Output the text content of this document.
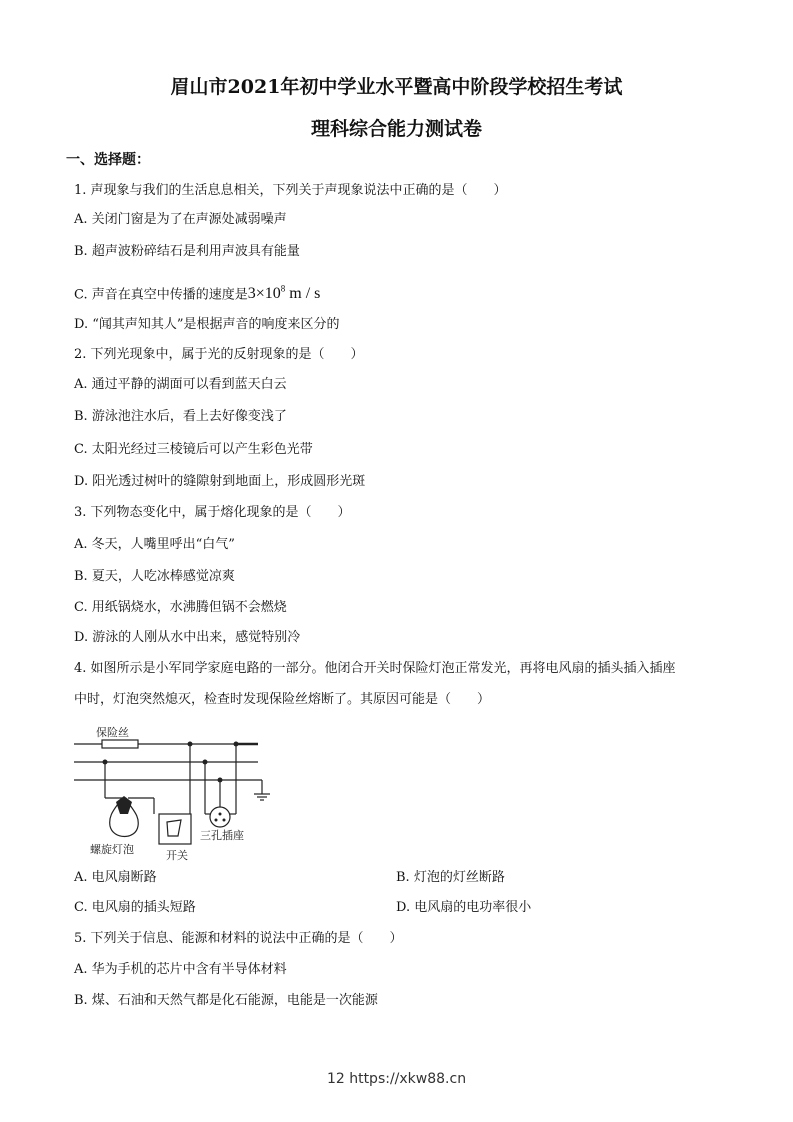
眉山市2021年初中学业水平暨高中阶段学校招生考试
理科综合能力测试卷
一、选择题：
1. 声现象与我们的生活息息相关，下列关于声现象说法中正确的是（　　）
A. 关闭门窗是为了在声源处减弱噪声
B. 超声波粉碎结石是利用声波具有能量
C. 声音在真空中传播的速度是$3\times 10^8$ m / s
D. “闻其声知其人”是根据声音的响度来区分的
2. 下列光现象中，属于光的反射现象的是（　　）
A. 通过平静的湖面可以看到蓝天白云
B. 游泳池注水后，看上去好像变浅了
C. 太阳光经过三棱镜后可以产生彩色光带
D. 阳光透过树叶的缝隙射到地面上，形成圆形光斑
3. 下列物态变化中，属于熔化现象的是（　　）
A. 冬天，人嘴里呼出“白气”
B. 夏天，人吃冰棒感觉凉爽
C. 用纸锅烧水，水沸腾但锅不会燃烧
D. 游泳的人刚从水中出来，感觉特别冷
4. 如图所示是小军同学家庭电路的一部分。他闭合开关时保险灯泡正常发光，再将电风扇的插头插入插座
中时，灯泡突然熄灭，检查时发现保险丝熔断了。其原因可能是（　　）
保险丝
螺旋灯泡	开关
三孔插座
A. 电风扇断路	B. 灯泡的灯丝断路
C. 电风扇的插头短路	D. 电风扇的电功率很小
5. 下列关于信息、能源和材料的说法中正确的是（　　）
A. 华为手机的芯片中含有半导体材料
B. 煤、石油和天然气都是化石能源，电能是一次能源
12 https://xkw88.cn
